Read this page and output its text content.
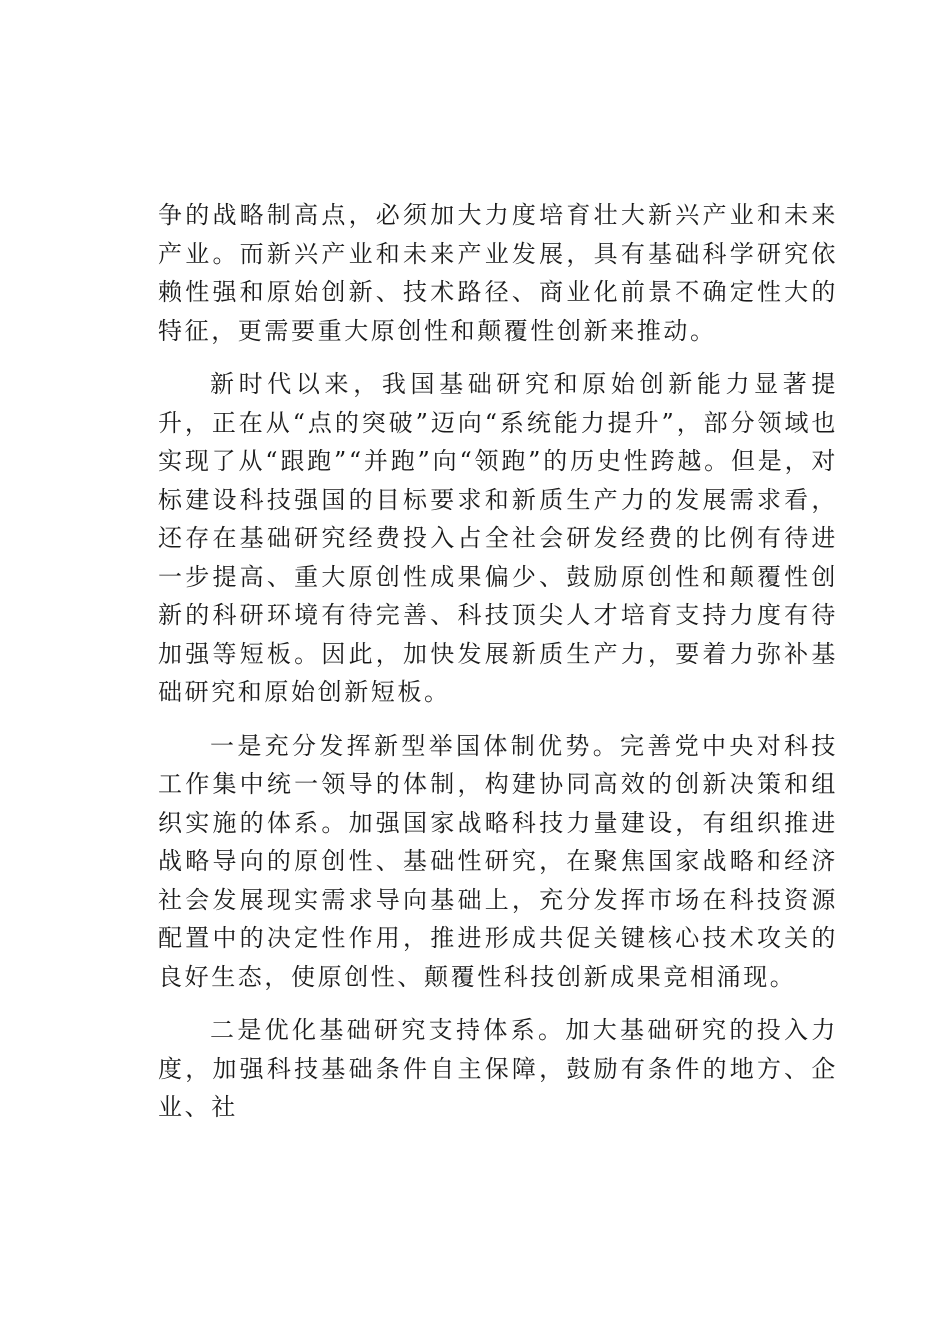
争的战略制高点，必须加大力度培育壮大新兴产业和未来产业。而新兴产业和未来产业发展，具有基础科学研究依赖性强和原始创新、技术路径、商业化前景不确定性大的特征，更需要重大原创性和颠覆性创新来推动。

新时代以来，我国基础研究和原始创新能力显著提升，正在从“点的突破”迈向“系统能力提升”，部分领域也实现了从“跟跑”“并跑”向“领跑”的历史性跨越。但是，对标建设科技强国的目标要求和新质生产力的发展需求看，还存在基础研究经费投入占全社会研发经费的比例有待进一步提高、重大原创性成果偏少、鼓励原创性和颠覆性创新的科研环境有待完善、科技顶尖人才培育支持力度有待加强等短板。因此，加快发展新质生产力，要着力弥补基础研究和原始创新短板。

一是充分发挥新型举国体制优势。完善党中央对科技工作集中统一领导的体制，构建协同高效的创新决策和组织实施的体系。加强国家战略科技力量建设，有组织推进战略导向的原创性、基础性研究，在聚焦国家战略和经济社会发展现实需求导向基础上，充分发挥市场在科技资源配置中的决定性作用，推进形成共促关键核心技术攻关的良好生态，使原创性、颠覆性科技创新成果竞相涌现。

二是优化基础研究支持体系。加大基础研究的投入力度，加强科技基础条件自主保障，鼓励有条件的地方、企业、社
